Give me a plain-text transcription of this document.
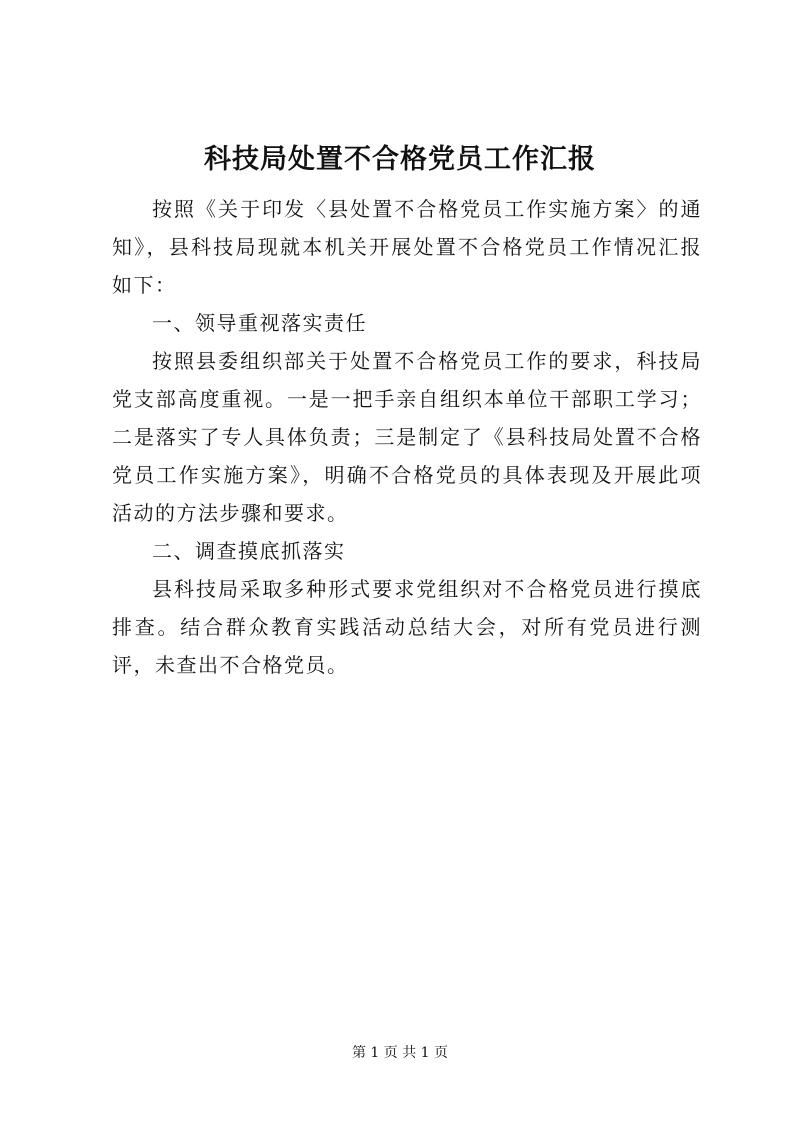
科技局处置不合格党员工作汇报

按照《关于印发〈县处置不合格党员工作实施方案〉的通知》，县科技局现就本机关开展处置不合格党员工作情况汇报如下：

一、领导重视落实责任

按照县委组织部关于处置不合格党员工作的要求，科技局党支部高度重视。一是一把手亲自组织本单位干部职工学习；二是落实了专人具体负责；三是制定了《县科技局处置不合格党员工作实施方案》，明确不合格党员的具体表现及开展此项活动的方法步骤和要求。

二、调查摸底抓落实

县科技局采取多种形式要求党组织对不合格党员进行摸底排查。结合群众教育实践活动总结大会，对所有党员进行测评，未查出不合格党员。

第 1 页 共 1 页
